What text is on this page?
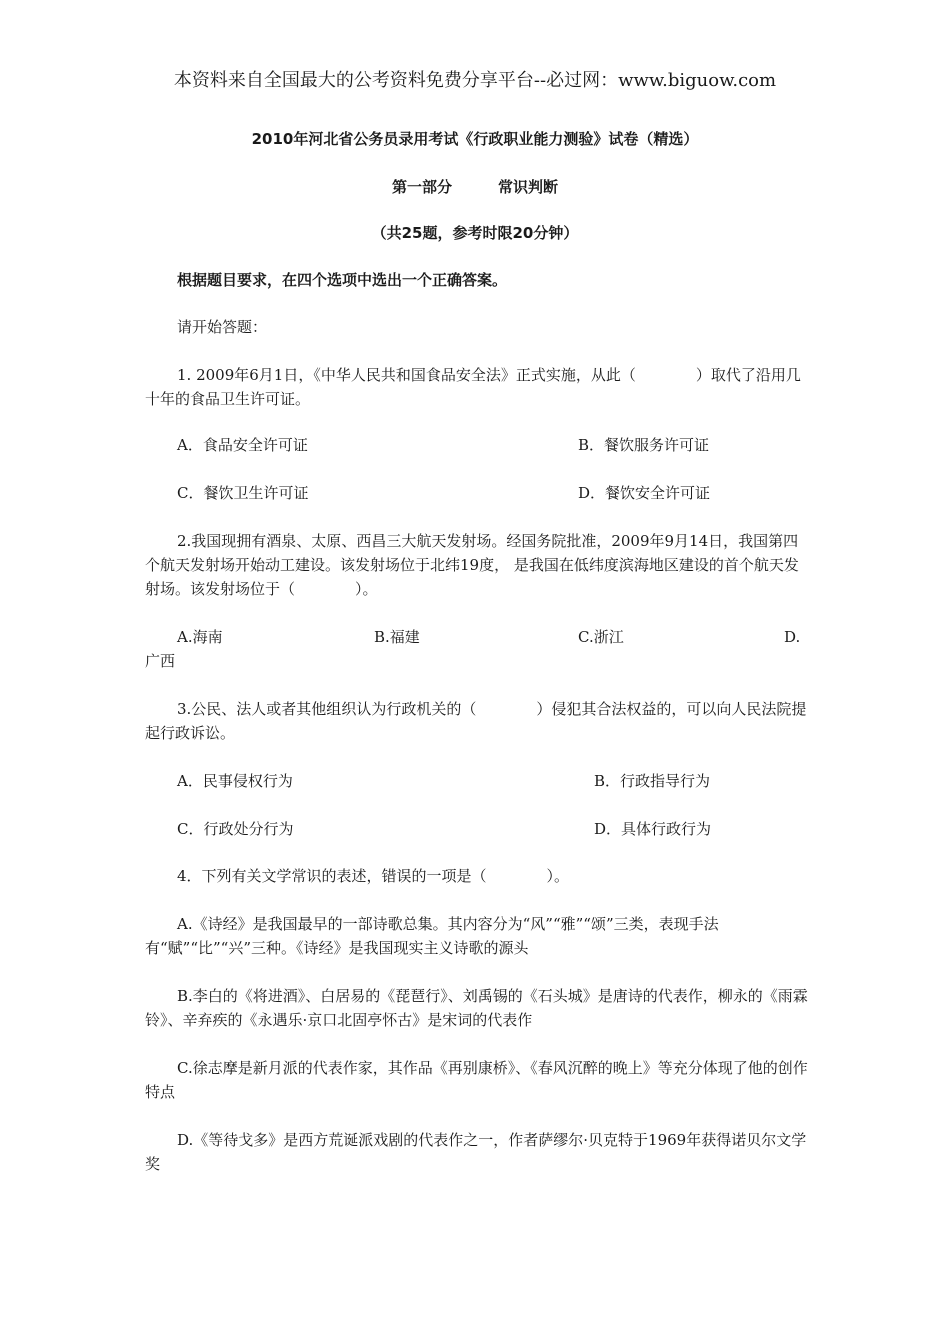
本资料来自全国最大的公考资料免费分享平台--必过网：www.biguow.com
2010年河北省公务员录用考试《行政职业能力测验》试卷（精选）
第一部分	常识判断
（共25题，参考时限20分钟）
根据题目要求，在四个选项中选出一个正确答案。
请开始答题：
1. 2009年6月1日，《中华人民共和国食品安全法》正式实施，从此（　　　　）取代了沿用几十年的食品卫生许可证。
A．食品安全许可证	B．餐饮服务许可证
C．餐饮卫生许可证	D．餐饮安全许可证
2.我国现拥有酒泉、太原、西昌三大航天发射场。经国务院批准，2009年9月14日，我国第四个航天发射场开始动工建设。该发射场位于北纬19度， 是我国在低纬度滨海地区建设的首个航天发射场。该发射场位于（　　　　）。
A.海南	B.福建	C.浙江	D.
广西
3.公民、法人或者其他组织认为行政机关的（　　　　）侵犯其合法权益的，可以向人民法院提起行政诉讼。
A．民事侵权行为	B．行政指导行为
C．行政处分行为	D．具体行政行为
4．下列有关文学常识的表述，错误的一项是（　　　　）。
A.《诗经》是我国最早的一部诗歌总集。其内容分为“风”“雅”“颂”三类，表现手法有“赋”“比”“兴”三种。《诗经》是我国现实主义诗歌的源头
B.李白的《将进酒》、白居易的《琵琶行》、刘禹锡的《石头城》是唐诗的代表作，柳永的《雨霖铃》、辛弃疾的《永遇乐·京口北固亭怀古》是宋词的代表作
C.徐志摩是新月派的代表作家，其作品《再别康桥》、《春风沉醉的晚上》等充分体现了他的创作特点
D.《等待戈多》是西方荒诞派戏剧的代表作之一，作者萨缪尔·贝克特于1969年获得诺贝尔文学奖
